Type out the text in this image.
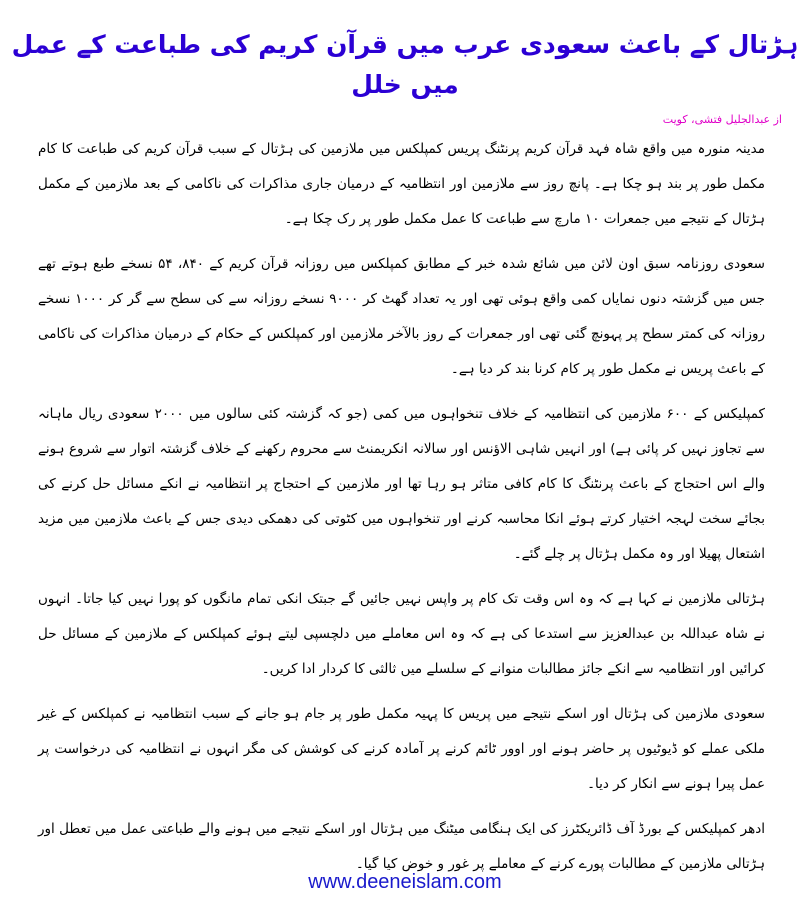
ہڑتال کے باعث سعودی عرب میں قرآن کریم کی طباعت کے عمل میں خلل
از عبدالجلیل فتشی، کویت

مدینہ منورہ میں واقع شاہ فہد قرآن کریم پرنٹنگ پریس کمپلکس میں ملازمین کی ہڑتال کے سبب قرآن کریم کی طباعت کا کام مکمل طور پر بند ہو چکا ہے۔ پانچ روز سے ملازمین اور انتظامیہ کے درمیان جاری مذاکرات کی ناکامی کے بعد ملازمین کے مکمل ہڑتال کے نتیجے میں جمعرات ۱۰ مارچ سے طباعت کا عمل مکمل طور پر رک چکا ہے۔

سعودی روزنامہ سبق اون لائن میں شائع شدہ خبر کے مطابق کمپلکس میں روزانہ قرآن کریم کے ۸۴۰، ۵۴ نسخے طبع ہوتے تھے جس میں گزشتہ دنوں نمایاں کمی واقع ہوئی تھی اور یہ تعداد گھٹ کر ۹۰۰۰ نسخے روزانہ سے کی سطح سے گر کر ۱۰۰۰ نسخے روزانہ کی کمتر سطح پر پہونچ گئی تھی اور جمعرات کے روز بالآخر ملازمین اور کمپلکس کے حکام کے درمیان مذاکرات کی ناکامی کے باعث پریس نے مکمل طور پر کام کرنا بند کر دیا ہے۔

کمپلیکس کے ۶۰۰ ملازمین کی انتظامیہ کے خلاف تنخواہوں میں کمی (جو کہ گزشتہ کئی سالوں میں ۲۰۰۰ سعودی ریال ماہانہ سے تجاوز نہیں کر پائی ہے) اور انہیں شاہی الاؤنس اور سالانہ انکریمنٹ سے محروم رکھنے کے خلاف گزشتہ اتوار سے شروع ہونے والے اس احتجاج کے باعث پرنٹنگ کا کام کافی متاثر ہو رہا تھا اور ملازمین کے احتجاج پر انتظامیہ نے انکے مسائل حل کرنے کی بجائے سخت لہجہ اختیار کرتے ہوئے انکا محاسبہ کرنے اور تنخواہوں میں کٹوتی کی دھمکی دیدی جس کے باعث ملازمین میں مزید اشتعال پھیلا اور وہ مکمل ہڑتال پر چلے گئے۔

ہڑتالی ملازمین نے کہا ہے کہ وہ اس وقت تک کام پر واپس نہیں جائیں گے جبتک انکی تمام مانگوں کو پورا نہیں کیا جاتا۔ انہوں نے شاہ عبداللہ بن عبدالعزیز سے استدعا کی ہے کہ وہ اس معاملے میں دلچسپی لیتے ہوئے کمپلکس کے ملازمین کے مسائل حل کرائیں اور انتظامیہ سے انکے جائز مطالبات منوانے کے سلسلے میں ثالثی کا کردار ادا کریں۔

سعودی ملازمین کی ہڑتال اور اسکے نتیجے میں پریس کا پہیہ مکمل طور پر جام ہو جانے کے سبب انتظامیہ نے کمپلکس کے غیر ملکی عملے کو ڈیوٹیوں پر حاضر ہونے اور اوور ٹائم کرنے پر آمادہ کرنے کی کوشش کی مگر انہوں نے انتظامیہ کی درخواست پر عمل پیرا ہونے سے انکار کر دیا۔

ادھر کمپلیکس کے بورڈ آف ڈائریکٹرز کی ایک ہنگامی میٹنگ میں ہڑتال اور اسکے نتیجے میں ہونے والے طباعتی عمل میں تعطل اور ہڑتالی ملازمین کے مطالبات پورے کرنے کے معاملے پر غور و خوض کیا گیا۔

www.deeneislam.com
